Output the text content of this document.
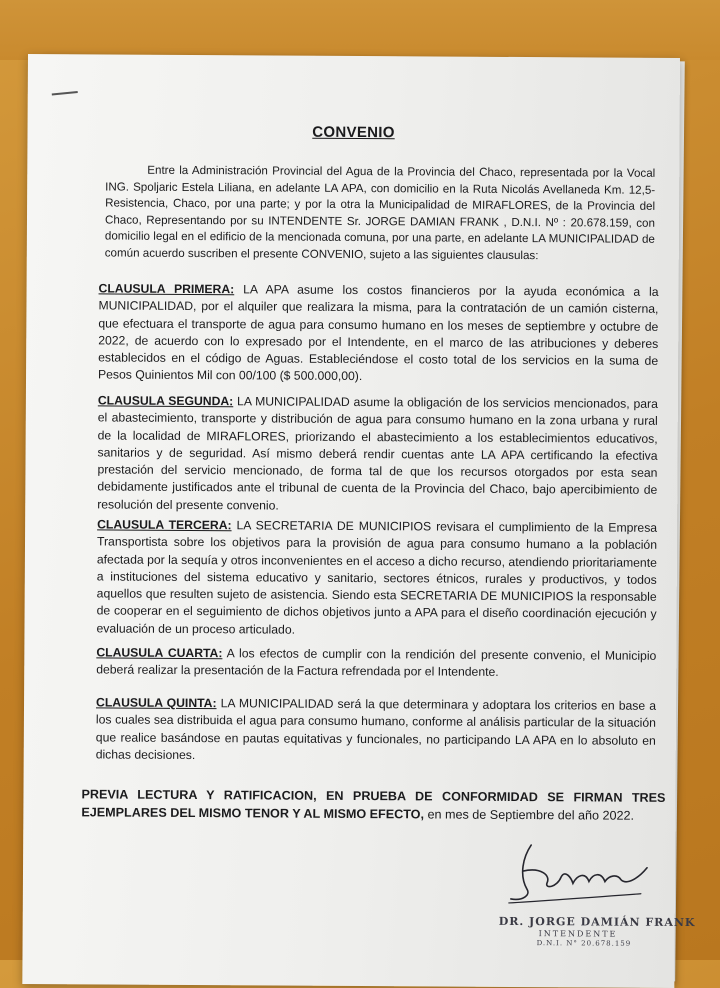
CONVENIO
Entre la Administración Provincial del Agua de la Provincia del Chaco, representada por la Vocal ING. Spoljaric Estela Liliana, en adelante LA APA, con domicilio en la Ruta Nicolás Avellaneda Km. 12,5- Resistencia, Chaco, por una parte; y por la otra la Municipalidad de MIRAFLORES, de la Provincia del Chaco, Representando por su INTENDENTE Sr. JORGE DAMIAN FRANK , D.N.I. Nº : 20.678.159, con domicilio legal en el edificio de la mencionada comuna, por una parte, en adelante LA MUNICIPALIDAD de común acuerdo suscriben el presente CONVENIO, sujeto a las siguientes clausulas:
CLAUSULA PRIMERA: LA APA asume los costos financieros por la ayuda económica a la MUNICIPALIDAD, por el alquiler que realizara la misma, para la contratación de un camión cisterna, que efectuara el transporte de agua para consumo humano en los meses de septiembre y octubre de 2022, de acuerdo con lo expresado por el Intendente, en el marco de las atribuciones y deberes establecidos en el código de Aguas. Estableciéndose el costo total de los servicios en la suma de Pesos Quinientos Mil con 00/100 ($ 500.000,00).
CLAUSULA SEGUNDA: LA MUNICIPALIDAD asume la obligación de los servicios mencionados, para el abastecimiento, transporte y distribución de agua para consumo humano en la zona urbana y rural de la localidad de MIRAFLORES, priorizando el abastecimiento a los establecimientos educativos, sanitarios y de seguridad. Así mismo deberá rendir cuentas ante LA APA certificando la efectiva prestación del servicio mencionado, de forma tal de que los recursos otorgados por esta sean debidamente justificados ante el tribunal de cuenta de la Provincia del Chaco, bajo apercibimiento de resolución del presente convenio.
CLAUSULA TERCERA: LA SECRETARIA DE MUNICIPIOS revisara el cumplimiento de la Empresa Transportista sobre los objetivos para la provisión de agua para consumo humano a la población afectada por la sequía y otros inconvenientes en el acceso a dicho recurso, atendiendo prioritariamente a instituciones del sistema educativo y sanitario, sectores étnicos, rurales y productivos, y todos aquellos que resulten sujeto de asistencia. Siendo esta SECRETARIA DE MUNICIPIOS la responsable de cooperar en el seguimiento de dichos objetivos junto a APA para el diseño coordinación ejecución y evaluación de un proceso articulado.
CLAUSULA CUARTA: A los efectos de cumplir con la rendición del presente convenio, el Municipio deberá realizar la presentación de la Factura refrendada por el Intendente.
CLAUSULA QUINTA: LA MUNICIPALIDAD será la que determinara y adoptara los criterios en base a los cuales sea distribuida el agua para consumo humano, conforme al análisis particular de la situación que realice basándose en pautas equitativas y funcionales, no participando LA APA en lo absoluto en dichas decisiones.
PREVIA LECTURA Y RATIFICACION, EN PRUEBA DE CONFORMIDAD SE FIRMAN TRES EJEMPLARES DEL MISMO TENOR Y AL MISMO EFECTO, en mes de Septiembre del año 2022.
DR. JORGE DAMIÁN FRANK
INTENDENTE
D.N.I. N° 20.678.159
